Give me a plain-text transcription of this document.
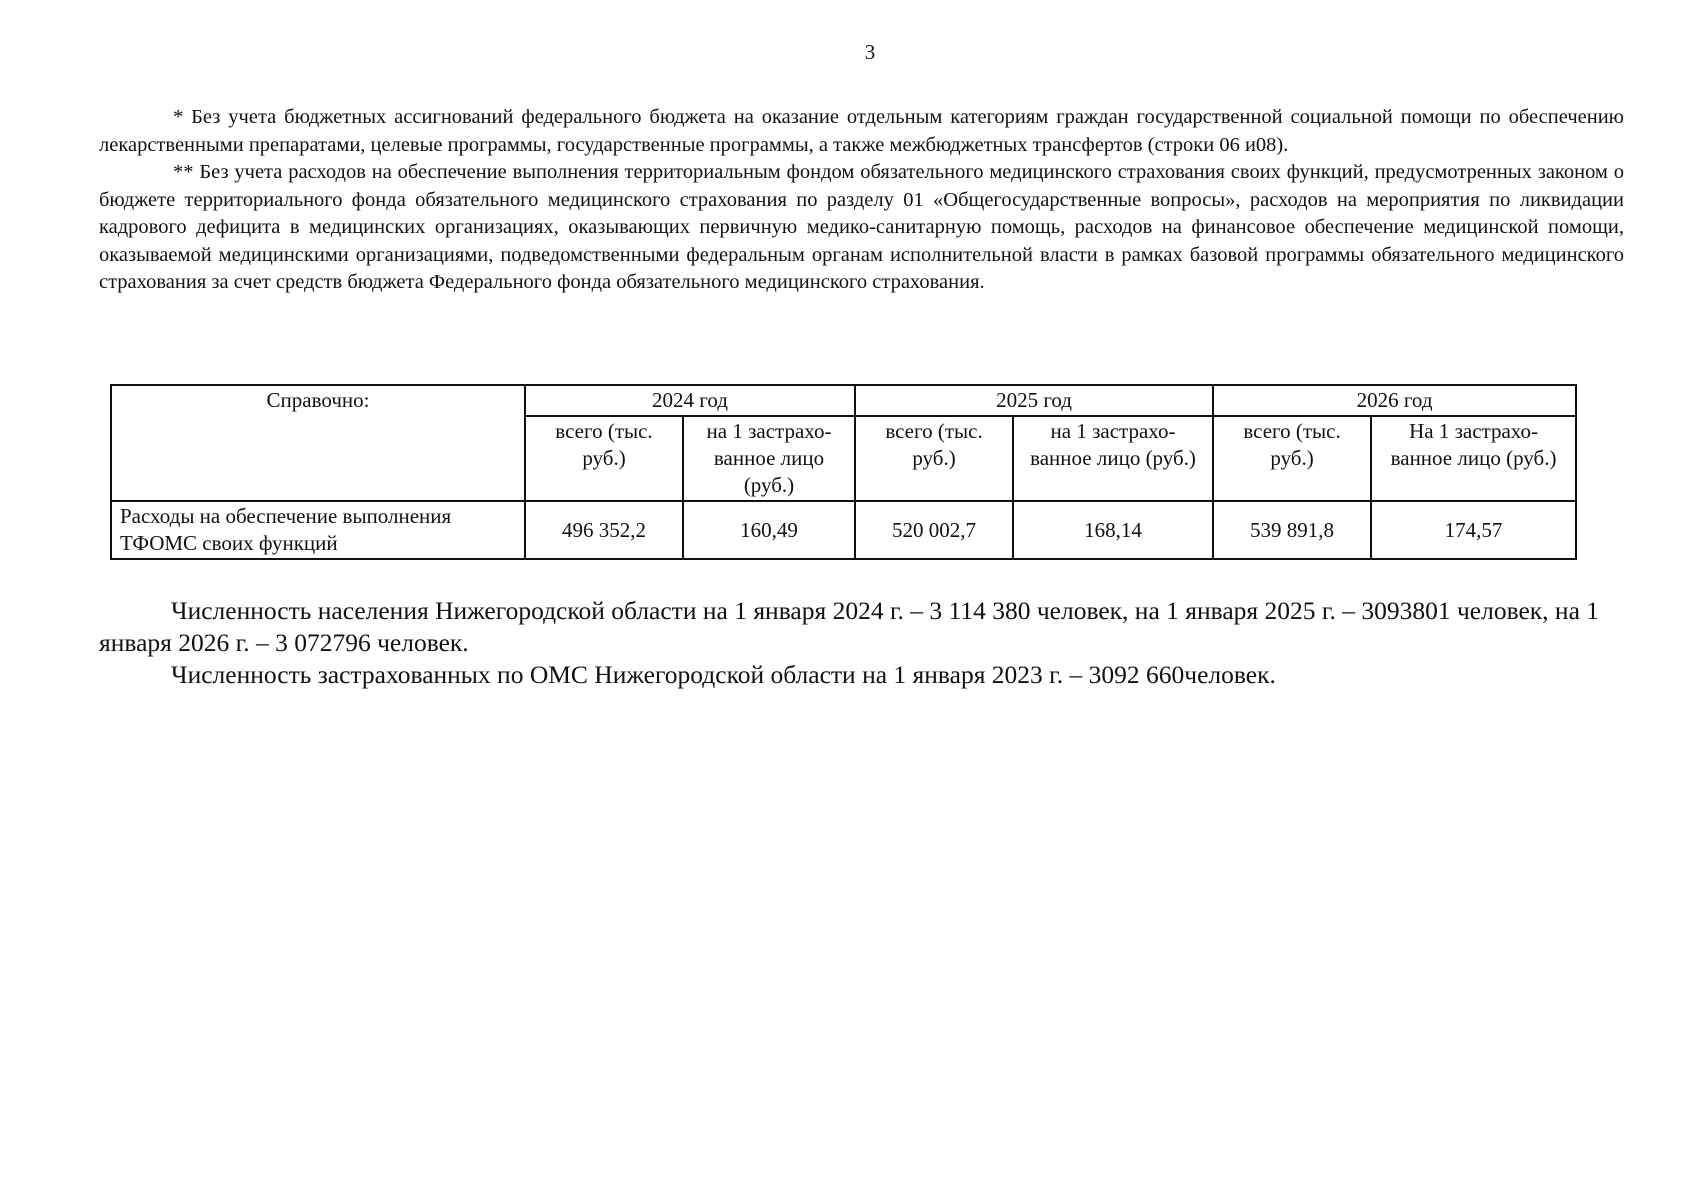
3

* Без учета бюджетных ассигнований федерального бюджета на оказание отдельным категориям граждан государственной социальной помощи по обеспечению лекарственными препаратами, целевые программы, государственные программы, а также межбюджетных трансфертов (строки 06 и08).

** Без учета расходов на обеспечение выполнения территориальным фондом обязательного медицинского страхования своих функций, предусмотренных законом о бюджете территориального фонда обязательного медицинского страхования по разделу 01 «Общегосударственные вопросы», расходов на мероприятия по ликвидации кадрового дефицита в медицинских организациях, оказывающих первичную медико-санитарную помощь, расходов на финансовое обеспечение медицинской помощи, оказываемой медицинскими организациями, подведомственными федеральным органам исполнительной власти в рамках базовой программы обязательного медицинского страхования за счет средств бюджета Федерального фонда обязательного медицинского страхования.

Справочно:	2024 год		2025 год		2026 год	
	всего (тыс. руб.)	на 1 застрахо-ванное лицо (руб.)	всего (тыс. руб.)	на 1 застрахо-ванное лицо (руб.)	всего (тыс. руб.)	На 1 застрахо-ванное лицо (руб.)
Расходы на обеспечение выполнения ТФОМС своих функций	496 352,2	160,49	520 002,7	168,14	539 891,8	174,57

Численность населения Нижегородской области на 1 января 2024 г. – 3 114 380 человек, на 1 января 2025 г. – 3093801 человек, на 1 января 2026 г. – 3 072796 человек.

Численность застрахованных по ОМС Нижегородской области на 1 января 2023 г. – 3092 660человек.
